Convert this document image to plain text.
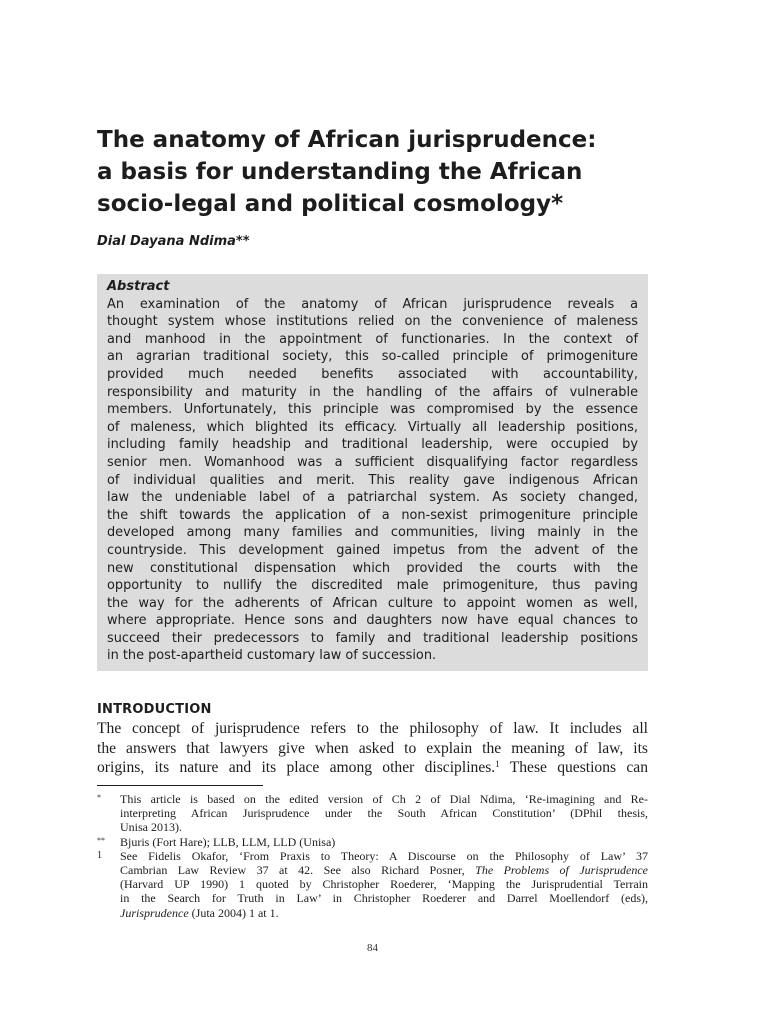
The anatomy of African jurisprudence:
a basis for understanding the African
socio-legal and political cosmology*

Dial Dayana Ndima**

Abstract
An examination of the anatomy of African jurisprudence reveals a
thought system whose institutions relied on the convenience of maleness
and manhood in the appointment of functionaries. In the context of
an agrarian traditional society, this so-called principle of primogeniture
provided much needed benefits associated with accountability,
responsibility and maturity in the handling of the affairs of vulnerable
members. Unfortunately, this principle was compromised by the essence
of maleness, which blighted its efficacy. Virtually all leadership positions,
including family headship and traditional leadership, were occupied by
senior men. Womanhood was a sufficient disqualifying factor regardless
of individual qualities and merit. This reality gave indigenous African
law the undeniable label of a patriarchal system. As society changed,
the shift towards the application of a non-sexist primogeniture principle
developed among many families and communities, living mainly in the
countryside. This development gained impetus from the advent of the
new constitutional dispensation which provided the courts with the
opportunity to nullify the discredited male primogeniture, thus paving
the way for the adherents of African culture to appoint women as well,
where appropriate. Hence sons and daughters now have equal chances to
succeed their predecessors to family and traditional leadership positions
in the post-apartheid customary law of succession.
INTRODUCTION
The concept of jurisprudence refers to the philosophy of law. It includes all
the answers that lawyers give when asked to explain the meaning of law, its
origins, its nature and its place among other disciplines.$^1$ These questions can
* This article is based on the edited version of Ch 2 of Dial Ndima, ‘Re-imagining and Re-
interpreting African Jurisprudence under the South African Constitution’ (DPhil thesis,
Unisa 2013).
** Bjuris (Fort Hare); LLB, LLM, LLD (Unisa)
1 See Fidelis Okafor, ‘From Praxis to Theory: A Discourse on the Philosophy of Law’ 37
Cambrian Law Review 37 at 42. See also Richard Posner, The Problems of Jurisprudence
(Harvard UP 1990) 1 quoted by Christopher Roederer, ‘Mapping the Jurisprudential Terrain
in the Search for Truth in Law’ in Christopher Roederer and Darrel Moellendorf (eds),
Jurisprudence (Juta 2004) 1 at 1.
84
